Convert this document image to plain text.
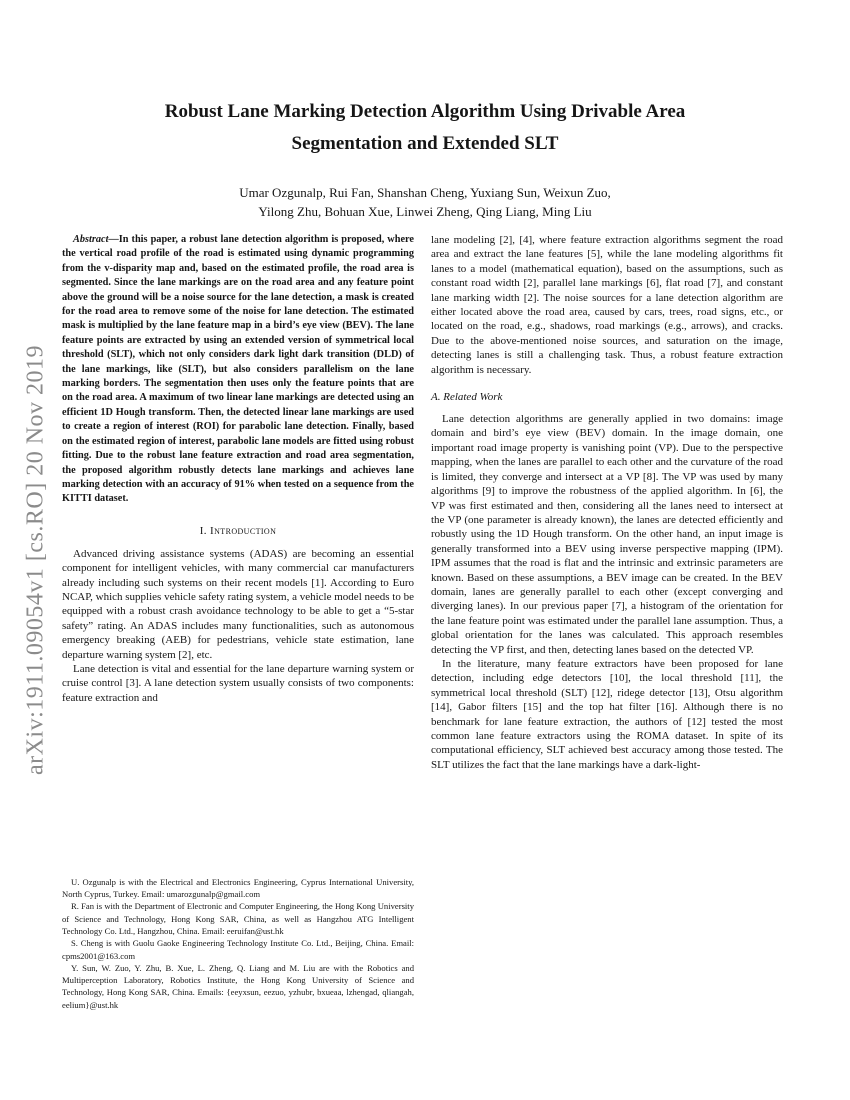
arXiv:1911.09054v1 [cs.RO] 20 Nov 2019
Robust Lane Marking Detection Algorithm Using Drivable Area
Segmentation and Extended SLT
Umar Ozgunalp, Rui Fan, Shanshan Cheng, Yuxiang Sun, Weixun Zuo,
Yilong Zhu, Bohuan Xue, Linwei Zheng, Qing Liang, Ming Liu

Abstract—In this paper, a robust lane detection algorithm is proposed, where the vertical road profile of the road is estimated using dynamic programming from the v-disparity map and, based on the estimated profile, the road area is segmented. Since the lane markings are on the road area and any feature point above the ground will be a noise source for the lane detection, a mask is created for the road area to remove some of the noise for lane detection. The estimated mask is multiplied by the lane feature map in a bird’s eye view (BEV). The lane feature points are extracted by using an extended version of symmetrical local threshold (SLT), which not only considers dark light dark transition (DLD) of the lane markings, like (SLT), but also considers parallelism on the lane marking borders. The segmentation then uses only the feature points that are on the road area. A maximum of two linear lane markings are detected using an efficient 1D Hough transform. Then, the detected linear lane markings are used to create a region of interest (ROI) for parabolic lane detection. Finally, based on the estimated region of interest, parabolic lane models are fitted using robust fitting. Due to the robust lane feature extraction and road area segmentation, the proposed algorithm robustly detects lane markings and achieves lane marking detection with an accuracy of 91% when tested on a sequence from the KITTI dataset.

I. Introduction

Advanced driving assistance systems (ADAS) are becoming an essential component for intelligent vehicles, with many commercial car manufacturers already including such systems on their recent models [1]. According to Euro NCAP, which supplies vehicle safety rating system, a vehicle model needs to be equipped with a robust crash avoidance technology to be able to get a “5-star safety” rating. An ADAS includes many functionalities, such as autonomous emergency breaking (AEB) for pedestrians, vehicle state estimation, lane departure warning system [2], etc.

Lane detection is vital and essential for the lane departure warning system or cruise control [3]. A lane detection system usually consists of two components: feature extraction and

U. Ozgunalp is with the Electrical and Electronics Engineering, Cyprus International University, North Cyprus, Turkey. Email: umarozgunalp@gmail.com

R. Fan is with the Department of Electronic and Computer Engineering, the Hong Kong University of Science and Technology, Hong Kong SAR, China, as well as Hangzhou ATG Intelligent Technology Co. Ltd., Hangzhou, China. Email: eeruifan@ust.hk

S. Cheng is with Guolu Gaoke Engineering Technology Institute Co. Ltd., Beijing, China. Email: cpms2001@163.com

Y. Sun, W. Zuo, Y. Zhu, B. Xue, L. Zheng, Q. Liang and M. Liu are with the Robotics and Multiperception Laboratory, Robotics Institute, the Hong Kong University of Science and Technology, Hong Kong SAR, China. Emails: {eeyxsun, eezuo, yzhubr, bxueaa, lzhengad, qliangah, eelium}@ust.hk

lane modeling [2], [4], where feature extraction algorithms segment the road area and extract the lane features [5], while the lane modeling algorithms fit lanes to a model (mathematical equation), based on the assumptions, such as constant road width [2], parallel lane markings [6], flat road [7], and constant lane marking width [2]. The noise sources for a lane detection algorithm are either located above the road area, caused by cars, trees, road signs, etc., or located on the road, e.g., shadows, road markings (e.g., arrows), and cracks. Due to the above-mentioned noise sources, and saturation on the image, detecting lanes is still a challenging task. Thus, a robust feature extraction algorithm is necessary.

A. Related Work

Lane detection algorithms are generally applied in two domains: image domain and bird’s eye view (BEV) domain. In the image domain, one important road image property is vanishing point (VP). Due to the perspective mapping, when the lanes are parallel to each other and the curvature of the road is limited, they converge and intersect at a VP [8]. The VP was used by many algorithms [9] to improve the robustness of the applied algorithm. In [6], the VP was first estimated and then, considering all the lanes need to intersect at the VP (one parameter is already known), the lanes are detected efficiently and robustly using the 1D Hough transform. On the other hand, an input image is generally transformed into a BEV using inverse perspective mapping (IPM). IPM assumes that the road is flat and the intrinsic and extrinsic parameters are known. Based on these assumptions, a BEV image can be created. In the BEV domain, lanes are generally parallel to each other (except converging and diverging lanes). In our previous paper [7], a histogram of the orientation for the lane feature point was estimated under the parallel lane assumption. Thus, a global orientation for the lanes was calculated. This approach resembles detecting the VP first, and then, detecting lanes based on the detected VP.

In the literature, many feature extractors have been proposed for lane detection, including edge detectors [10], the local threshold [11], the symmetrical local threshold (SLT) [12], ridege detector [13], Otsu algorithm [14], Gabor filters [15] and the top hat filter [16]. Although there is no benchmark for lane feature extraction, the authors of [12] tested the most common lane feature extractors using the ROMA dataset. In spite of its computational efficiency, SLT achieved best accuracy among those tested. The SLT utilizes the fact that the lane markings have a dark-light-
